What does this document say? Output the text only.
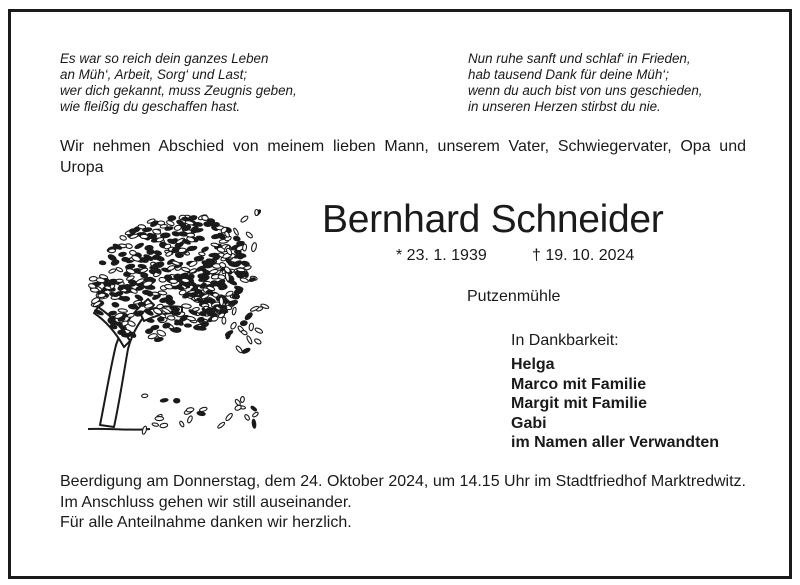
Es war so reich dein ganzes Leben
an Müh‘, Arbeit, Sorg‘ und Last;
wer dich gekannt, muss Zeugnis geben,
wie fleißig du geschaffen hast.
Nun ruhe sanft und schlaf‘ in Frieden,
hab tausend Dank für deine Müh‘;
wenn du auch bist von uns geschieden,
in unseren Herzen stirbst du nie.
Wir nehmen Abschied von meinem lieben Mann, unserem Vater, Schwiegervater, Opa und Uropa
Bernhard Schneider
* 23. 1. 1939	† 19. 10. 2024
Putzenmühle
In Dankbarkeit:
Helga
Marco mit Familie
Margit mit Familie
Gabi
im Namen aller Verwandten
Beerdigung am Donnerstag, dem 24. Oktober 2024, um 14.15 Uhr im Stadtfriedhof Marktredwitz. Im Anschluss gehen wir still auseinander.
Für alle Anteilnahme danken wir herzlich.
